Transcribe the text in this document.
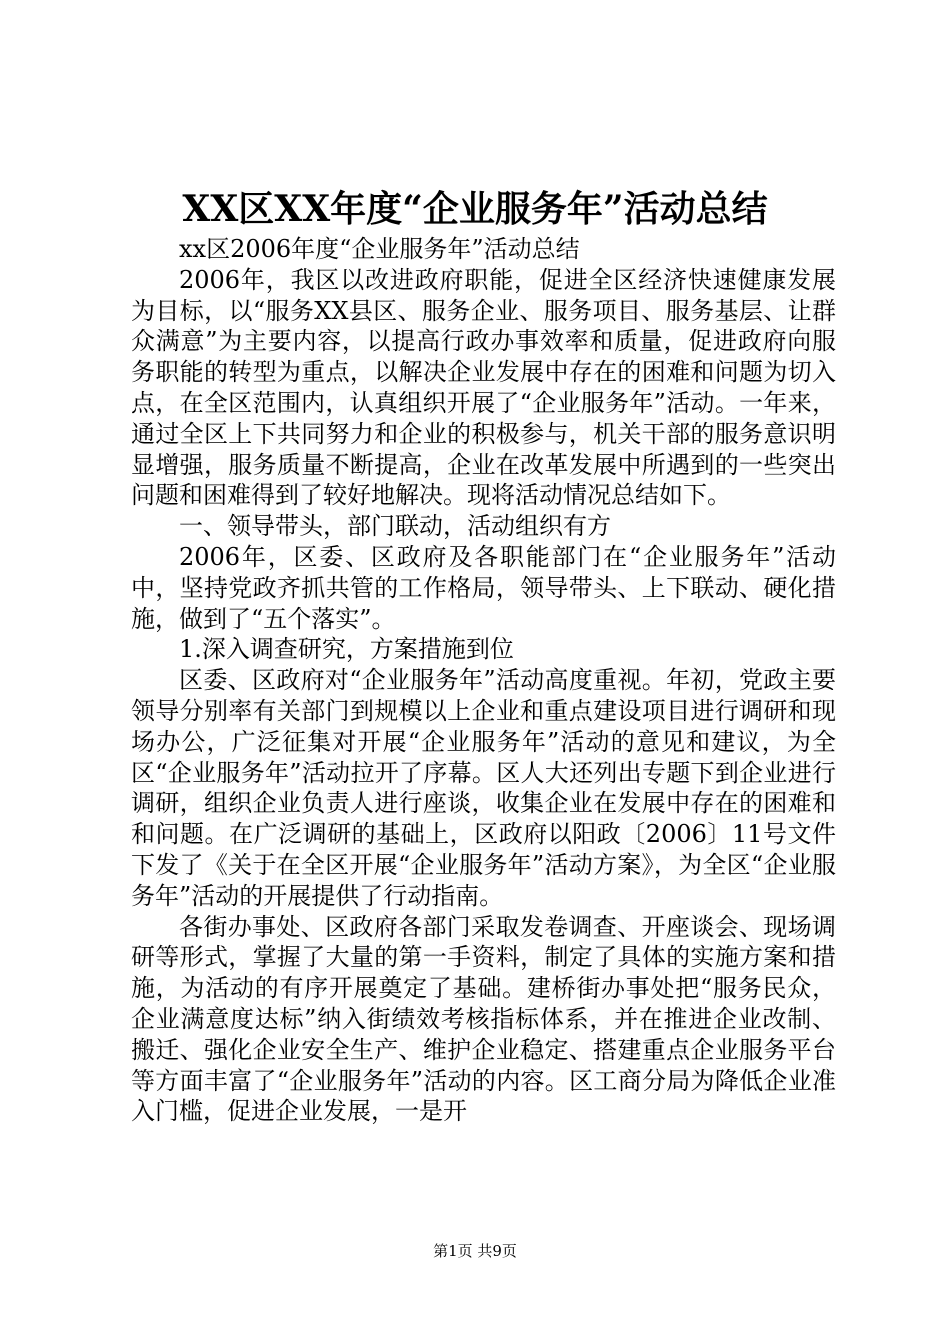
XX区XX年度“企业服务年”活动总结

xx区2006年度“企业服务年”活动总结

2006年，我区以改进政府职能，促进全区经济快速健康发展为目标，以“服务XX县区、服务企业、服务项目、服务基层、让群众满意”为主要内容，以提高行政办事效率和质量，促进政府向服务职能的转型为重点，以解决企业发展中存在的困难和问题为切入点，在全区范围内，认真组织开展了“企业服务年”活动。一年来，通过全区上下共同努力和企业的积极参与，机关干部的服务意识明显增强，服务质量不断提高，企业在改革发展中所遇到的一些突出问题和困难得到了较好地解决。现将活动情况总结如下。

一、领导带头，部门联动，活动组织有方

2006年，区委、区政府及各职能部门在“企业服务年”活动中，坚持党政齐抓共管的工作格局，领导带头、上下联动、硬化措施，做到了“五个落实”。

1.深入调查研究，方案措施到位

区委、区政府对“企业服务年”活动高度重视。年初，党政主要领导分别率有关部门到规模以上企业和重点建设项目进行调研和现场办公，广泛征集对开展“企业服务年”活动的意见和建议，为全区“企业服务年”活动拉开了序幕。区人大还列出专题下到企业进行调研，组织企业负责人进行座谈，收集企业在发展中存在的困难和和问题。在广泛调研的基础上，区政府以阳政〔2006〕11号文件下发了《关于在全区开展“企业服务年”活动方案》，为全区“企业服务年”活动的开展提供了行动指南。

各街办事处、区政府各部门采取发卷调查、开座谈会、现场调研等形式，掌握了大量的第一手资料，制定了具体的实施方案和措施，为活动的有序开展奠定了基础。建桥街办事处把“服务民众，企业满意度达标”纳入街绩效考核指标体系，并在推进企业改制、搬迁、强化企业安全生产、维护企业稳定、搭建重点企业服务平台等方面丰富了“企业服务年”活动的内容。区工商分局为降低企业准入门槛，促进企业发展，一是开

第1页 共9页
